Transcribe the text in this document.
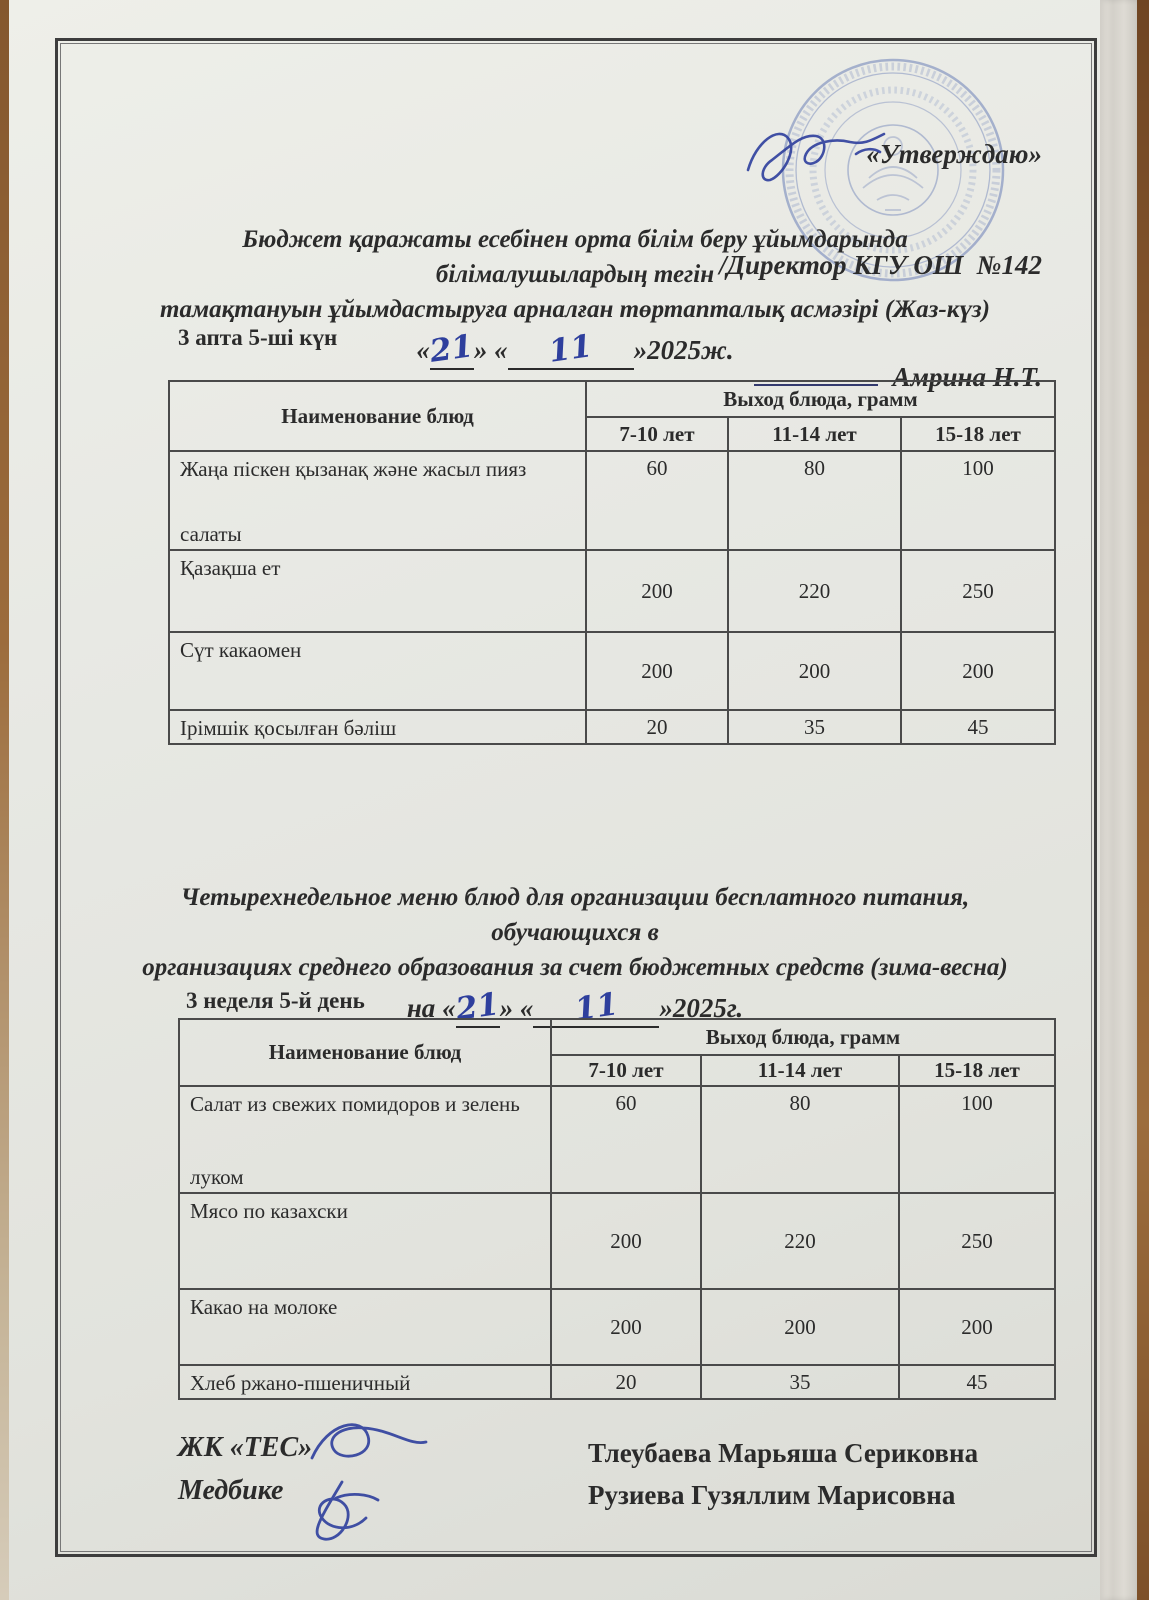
«Утверждаю»

/Директор КГУ ОШ  №142

Амрина Н.Т.

Бюджет қаражаты есебінен орта білім беру ұйымдарында білімалушылардың тегін
тамақтануын ұйымдастыруға арналған төртапталық асмәзірі (Жаз-күз)
«21» « 11 »2025ж.
3 апта 5-ші күн
Наименование блюд	Выход блюда, грамм		
	7-10 лет	11-14 лет	15-18 лет

Жаңа піскен қызанақ және жасыл пияз
салаты	60	80	100

Қазақша ет	200	220	250

Сүт какаомен	200	200	200

Ірімшік қосылған бәліш	20	35	45
Четырехнедельное меню блюд для организации бесплатного питания, обучающихся в
организациях среднего образования за счет бюджетных средств (зима-весна)
на «21» « 11 »2025г.
3 неделя 5-й день
Наименование блюд	Выход блюда, грамм		
	7-10 лет	11-14 лет	15-18 лет

Салат из свежих помидоров и зелень
луком	60	80	100

Мясо по казахски	200	220	250

Какао на молоке	200	200	200

Хлеб ржано-пшеничный	20	35	45
ЖК «ТЕС»
Медбике
Тлеубаева Марьяша Сериковна
Рузиева Гузяллим Марисовна
